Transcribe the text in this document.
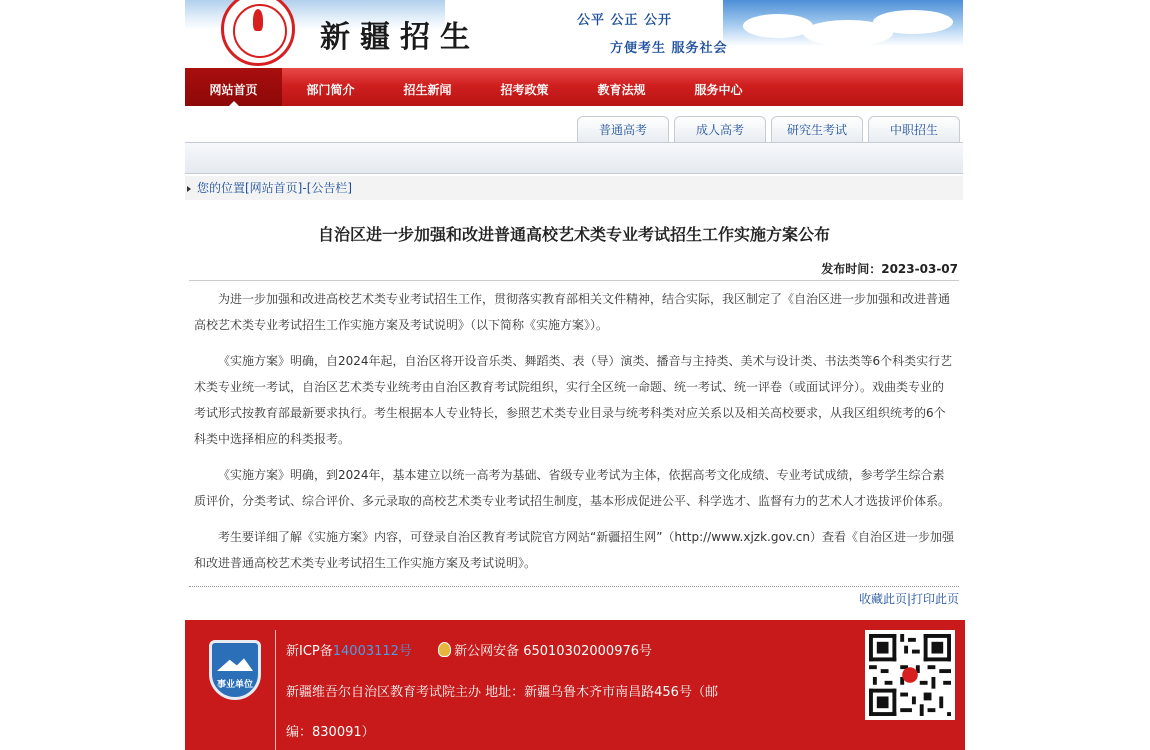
新疆招生	公平 公正 公开
方便考生 服务社会
网站首页	部门简介	招生新闻	招考政策	教育法规	服务中心
普通高考	成人高考	研究生考试	中职招生
您的位置[网站首页]-[公告栏]
自治区进一步加强和改进普通高校艺术类专业考试招生工作实施方案公布
发布时间：2023-03-07

为进一步加强和改进高校艺术类专业考试招生工作，贯彻落实教育部相关文件精神，结合实际，我区制定了《自治区进一步加强和改进普通高校艺术类专业考试招生工作实施方案及考试说明》（以下简称《实施方案》）。

《实施方案》明确，自2024年起，自治区将开设音乐类、舞蹈类、表（导）演类、播音与主持类、美术与设计类、书法类等6个科类实行艺术类专业统一考试，自治区艺术类专业统考由自治区教育考试院组织，实行全区统一命题、统一考试、统一评卷（或面试评分）。戏曲类专业的考试形式按教育部最新要求执行。考生根据本人专业特长，参照艺术类专业目录与统考科类对应关系以及相关高校要求，从我区组织统考的6个科类中选择相应的科类报考。

《实施方案》明确，到2024年，基本建立以统一高考为基础、省级专业考试为主体，依据高考文化成绩、专业考试成绩，参考学生综合素质评价，分类考试、综合评价、多元录取的高校艺术类专业考试招生制度，基本形成促进公平、科学选才、监督有力的艺术人才选拔评价体系。

考生要详细了解《实施方案》内容，可登录自治区教育考试院官方网站“新疆招生网”（http://www.xjzk.gov.cn）查看《自治区进一步加强和改进普通高校艺术类专业考试招生工作实施方案及考试说明》。

收藏此页|打印此页
事业单位
新ICP备14003112号	新公网安备 65010302000976号
新疆维吾尔自治区教育考试院主办 地址：新疆乌鲁木齐市南昌路456号（邮
编：830091）
